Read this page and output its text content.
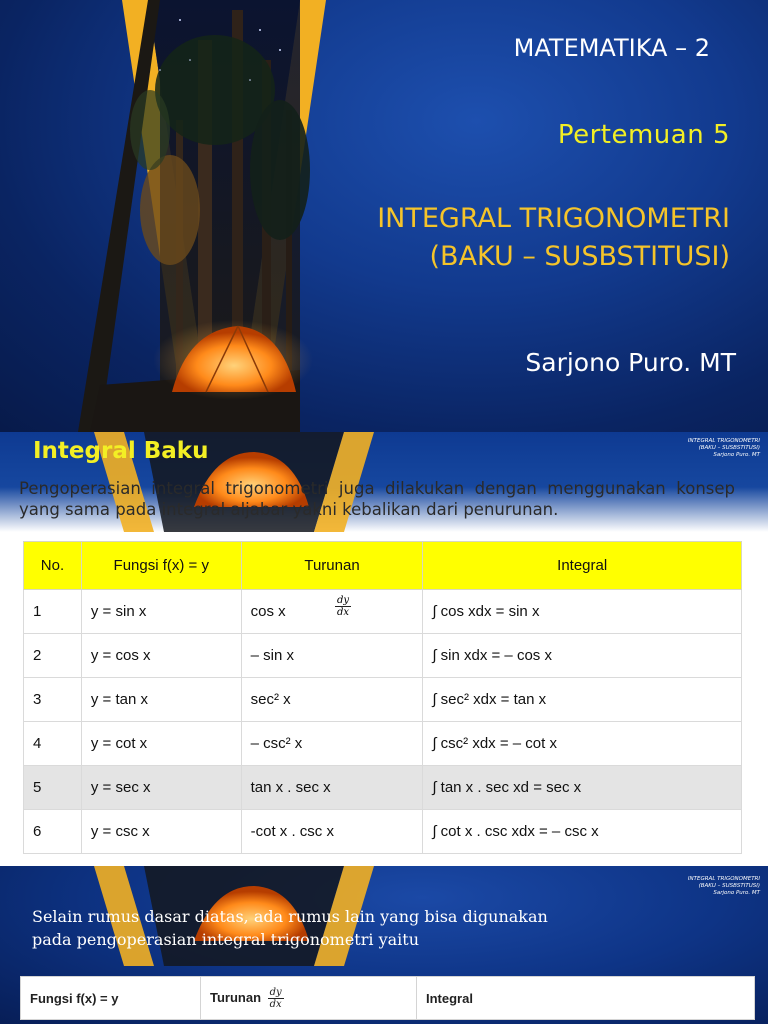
MATEMATIKA – 2
Pertemuan 5
INTEGRAL TRIGONOMETRI
(BAKU – SUSBSTITUSI)
Sarjono Puro. MT
Integral Baku	INTEGRAL TRIGONOMETRI
(BAKU – SUSBSTITUSI)
Sarjono Puro. MT
Pengoperasian integral trigonometri juga dilakukan dengan menggunakan konsep yang sama pada integral aljabar yakni kebalikan dari penurunan.
No.	Fungsi f(x) = y	Turunan	Integral
1	y = sin x	cos x	∫ cos xdx = sin x
2	y = cos x	– sin x	∫ sin xdx = – cos x
3	y = tan x	sec² x	∫ sec² xdx = tan x
4	y = cot x	– csc² x	∫ csc² xdx = – cot x
5	y = sec x	tan x . sec x	∫ tan x . sec xd = sec x
6	y = csc x	-cot x . csc x	∫ cot x . csc xdx = – csc x
dy
dx
INTEGRAL TRIGONOMETRI
(BAKU – SUSBSTITUSI)
Sarjono Puro. MT
Selain rumus dasar diatas, ada rumus lain yang bisa digunakan
pada pengoperasian integral trigonometri yaitu
Fungsi f(x) = y	Turunan $\frac{dy}{dx}$	Integral
